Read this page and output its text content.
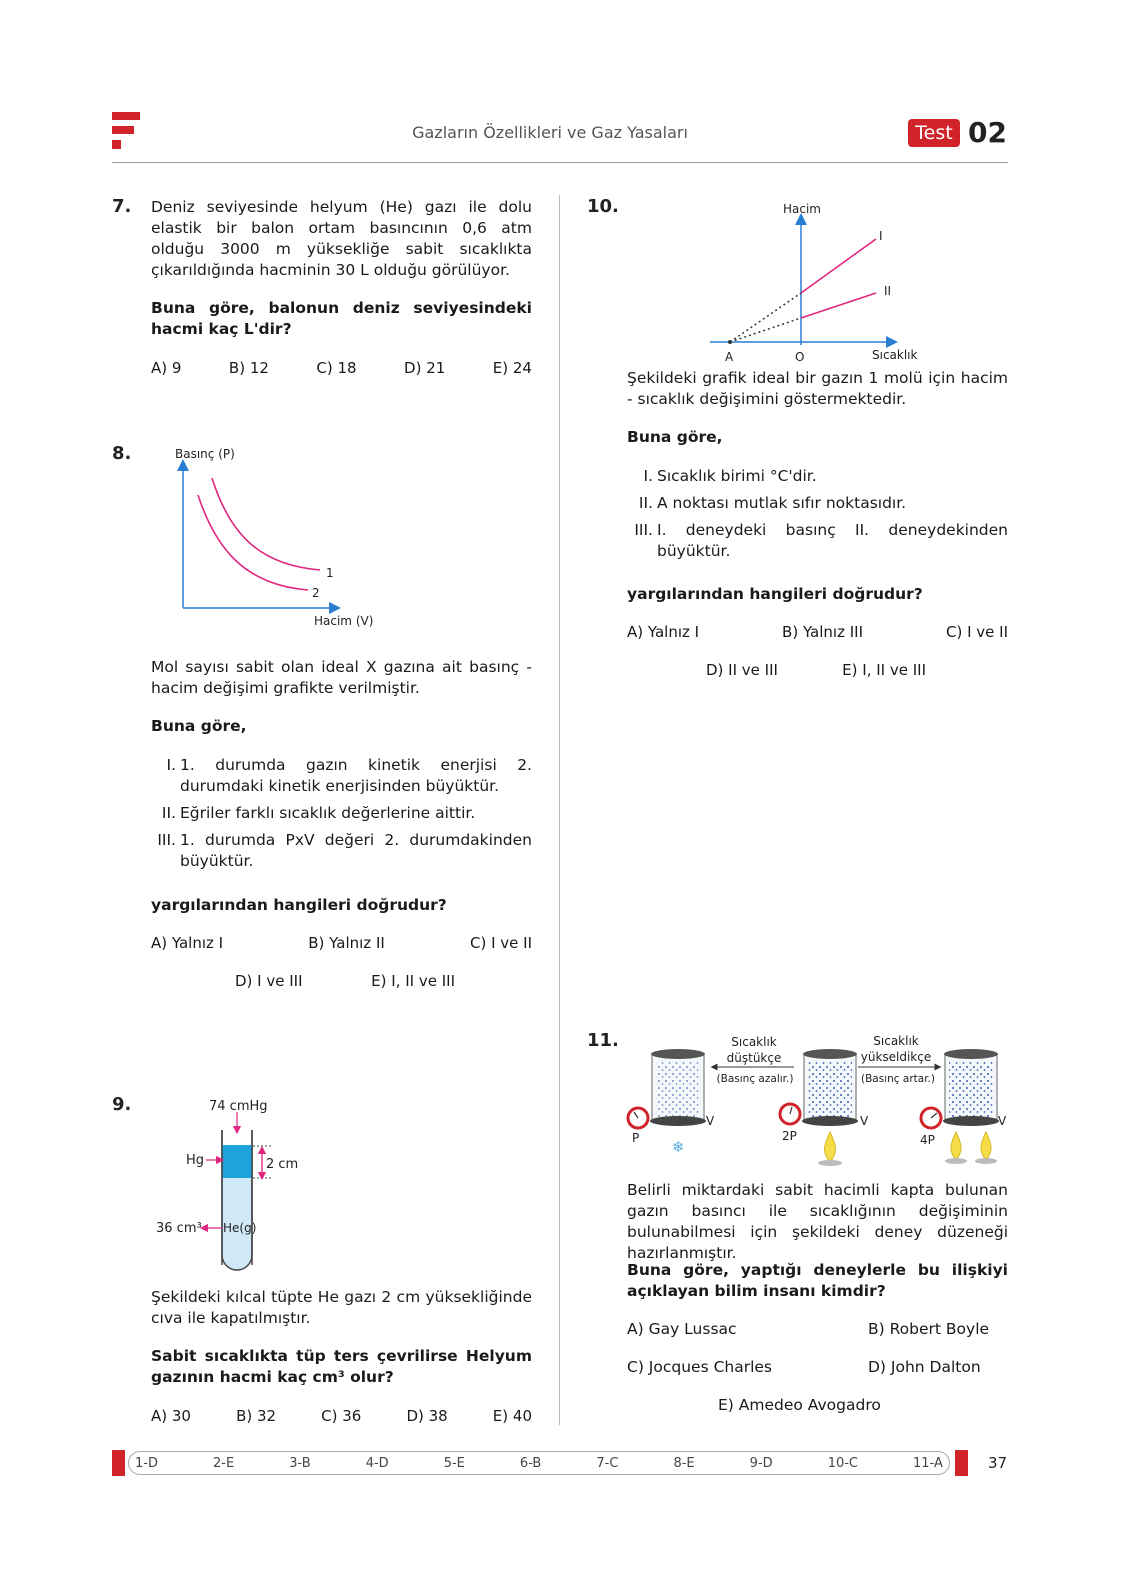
Gazların Özellikleri ve Gaz Yasaları	Test 02
7. Deniz seviyesinde helyum (He) gazı ile dolu elastik bir balon ortam basıncının 0,6 atm olduğu 3000 m yüksekliğe sabit sıcaklıkta çıkarıldığında hacminin 30 L olduğu görülüyor.
Buna göre, balonun deniz seviyesindeki hacmi kaç L'dir?
A) 9	B) 12	C) 18	D) 21	E) 24
8.	Basınç (P)
Hacim (V)
1
2
Mol sayısı sabit olan ideal X gazına ait basınç - hacim değişimi grafikte verilmiştir.
Buna göre,
I. 1. durumda gazın kinetik enerjisi 2. durumdaki kinetik enerjisinden büyüktür.
II. Eğriler farklı sıcaklık değerlerine aittir.
III. 1. durumda PxV değeri 2. durumdakinden büyüktür.
yargılarından hangileri doğrudur?
A) Yalnız I	B) Yalnız II	C) I ve II
D) I ve III	E) I, II ve III
9.	74 cmHg
Hg	2 cm
36 cm³ He(g)
Şekildeki kılcal tüpte He gazı 2 cm yüksekliğinde cıva ile kapatılmıştır.
Sabit sıcaklıkta tüp ters çevrilirse Helyum gazının hacmi kaç cm³ olur?
A) 30	B) 32	C) 36	D) 38	E) 40
10.	Hacim
Sıcaklık
I
II
A	O
Şekildeki grafik ideal bir gazın 1 molü için hacim - sıcaklık değişimini göstermektedir.
Buna göre,
I. Sıcaklık birimi °C'dir.
II. A noktası mutlak sıfır noktasıdır.
III. I. deneydeki basınç II. deneydekinden büyüktür.
yargılarından hangileri doğrudur?
A) Yalnız I	B) Yalnız III	C) I ve II
D) II ve III	E) I, II ve III
11.
❄
Sıcaklık
düştükçe
(Basınç azalır.)
Sıcaklık
yükseldikçe
(Basınç artar.)
P	2P	4P
V	V	V
Belirli miktardaki sabit hacimli kapta bulunan gazın basıncı ile sıcaklığının değişiminin bulunabilmesi için şekildeki deney düzeneği hazırlanmıştır.
Buna göre, yaptığı deneylerle bu ilişkiyi açıklayan bilim insanı kimdir?
A) Gay Lussac	B) Robert Boyle
C) Jocques Charles	D) John Dalton
E) Amedeo Avogadro
1-D	2-E	3-B	4-D	5-E	6-B	7-C	8-E	9-D	10-C	11-A	37
